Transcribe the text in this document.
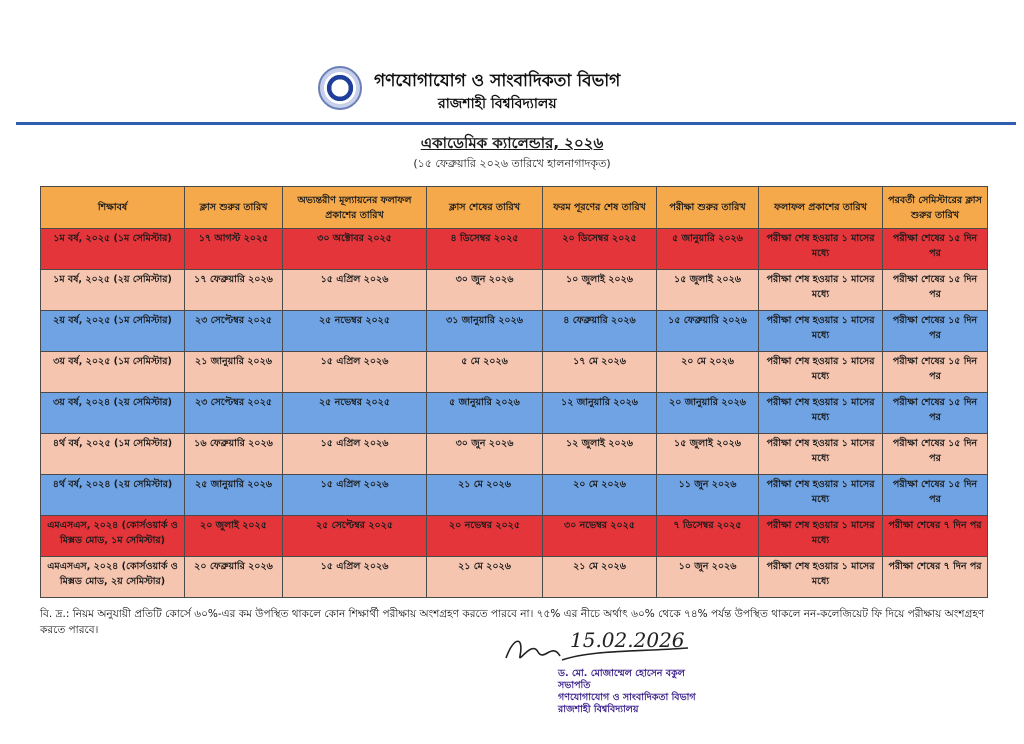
গণযোগাযোগ ও সাংবাদিকতা বিভাগ
রাজশাহী বিশ্ববিদ্যালয়
একাডেমিক ক্যালেন্ডার, ২০২৬
(১৫ ফেব্রুয়ারি ২০২৬ তারিখে হালনাগাদকৃত)
শিক্ষাবর্ষ	ক্লাস শুরুর তারিখ	অভ্যন্তরীণ মূল্যায়নের ফলাফল প্রকাশের তারিখ	ক্লাস শেষের তারিখ	ফরম পূরণের শেষ তারিখ	পরীক্ষা শুরুর তারিখ	ফলাফল প্রকাশের তারিখ	পরবর্তী সেমিস্টারের ক্লাস শুরুর তারিখ
১ম বর্ষ, ২০২৫ (১ম সেমিস্টার)	১৭ আগস্ট ২০২৫	৩০ অক্টোবর ২০২৫	৪ ডিসেম্বর ২০২৫	২০ ডিসেম্বর ২০২৫	৫ জানুয়ারি ২০২৬	পরীক্ষা শেষ হওয়ার ১ মাসের মধ্যে	পরীক্ষা শেষের ১৫ দিন পর
১ম বর্ষ, ২০২৫ (২য় সেমিস্টার)	১৭ ফেব্রুয়ারি ২০২৬	১৫ এপ্রিল ২০২৬	৩০ জুন ২০২৬	১০ জুলাই ২০২৬	১৫ জুলাই ২০২৬	পরীক্ষা শেষ হওয়ার ১ মাসের মধ্যে	পরীক্ষা শেষের ১৫ দিন পর
২য় বর্ষ, ২০২৫ (১ম সেমিস্টার)	২৩ সেপ্টেম্বর ২০২৫	২৫ নভেম্বর ২০২৫	৩১ জানুয়ারি ২০২৬	৪ ফেব্রুয়ারি ২০২৬	১৫ ফেব্রুয়ারি ২০২৬	পরীক্ষা শেষ হওয়ার ১ মাসের মধ্যে	পরীক্ষা শেষের ১৫ দিন পর
৩য় বর্ষ, ২০২৫ (১ম সেমিস্টার)	২১ জানুয়ারি ২০২৬	১৫ এপ্রিল ২০২৬	৫ মে ২০২৬	১৭ মে ২০২৬	২০ মে ২০২৬	পরীক্ষা শেষ হওয়ার ১ মাসের মধ্যে	পরীক্ষা শেষের ১৫ দিন পর
৩য় বর্ষ, ২০২৪ (২য় সেমিস্টার)	২৩ সেপ্টেম্বর ২০২৫	২৫ নভেম্বর ২০২৫	৫ জানুয়ারি ২০২৬	১২ জানুয়ারি ২০২৬	২০ জানুয়ারি ২০২৬	পরীক্ষা শেষ হওয়ার ১ মাসের মধ্যে	পরীক্ষা শেষের ১৫ দিন পর
৪র্থ বর্ষ, ২০২৫ (১ম সেমিস্টার)	১৬ ফেব্রুয়ারি ২০২৬	১৫ এপ্রিল ২০২৬	৩০ জুন ২০২৬	১২ জুলাই ২০২৬	১৫ জুলাই ২০২৬	পরীক্ষা শেষ হওয়ার ১ মাসের মধ্যে	পরীক্ষা শেষের ১৫ দিন পর
৪র্থ বর্ষ, ২০২৪ (২য় সেমিস্টার)	২৫ জানুয়ারি ২০২৬	১৫ এপ্রিল ২০২৬	২১ মে ২০২৬	২০ মে ২০২৬	১১ জুন ২০২৬	পরীক্ষা শেষ হওয়ার ১ মাসের মধ্যে	পরীক্ষা শেষের ১৫ দিন পর
এমএসএস, ২০২৪ (কোর্সওয়ার্ক ও মিক্সড মোড, ১ম সেমিস্টার)	২০ জুলাই ২০২৫	২৫ সেপ্টেম্বর ২০২৫	২০ নভেম্বর ২০২৫	৩০ নভেম্বর ২০২৫	৭ ডিসেম্বর ২০২৫	পরীক্ষা শেষ হওয়ার ১ মাসের মধ্যে	পরীক্ষা শেষের ৭ দিন পর
এমএসএস, ২০২৪ (কোর্সওয়ার্ক ও মিক্সড মোড, ২য় সেমিস্টার)	২০ ফেব্রুয়ারি ২০২৬	১৫ এপ্রিল ২০২৬	২১ মে ২০২৬	২১ মে ২০২৬	১০ জুন ২০২৬	পরীক্ষা শেষ হওয়ার ১ মাসের মধ্যে	পরীক্ষা শেষের ৭ দিন পর
বি. দ্র.: নিয়ম অনুযায়ী প্রতিটি কোর্সে ৬০%-এর কম উপস্থিত থাকলে কোন শিক্ষার্থী পরীক্ষায় অংশগ্রহণ করতে পারবে না। ৭৫% এর নীচে অর্থাৎ ৬০% থেকে ৭৪% পর্যন্ত উপস্থিত থাকলে নন-কলেজিয়েট ফি দিয়ে পরীক্ষায় অংশগ্রহণ করতে পারবে।	15.02.2026
ড. মো. মোজাম্মেল হোসেন বকুল
সভাপতি
গণযোগাযোগ ও সাংবাদিকতা বিভাগ
রাজশাহী বিশ্ববিদ্যালয়
